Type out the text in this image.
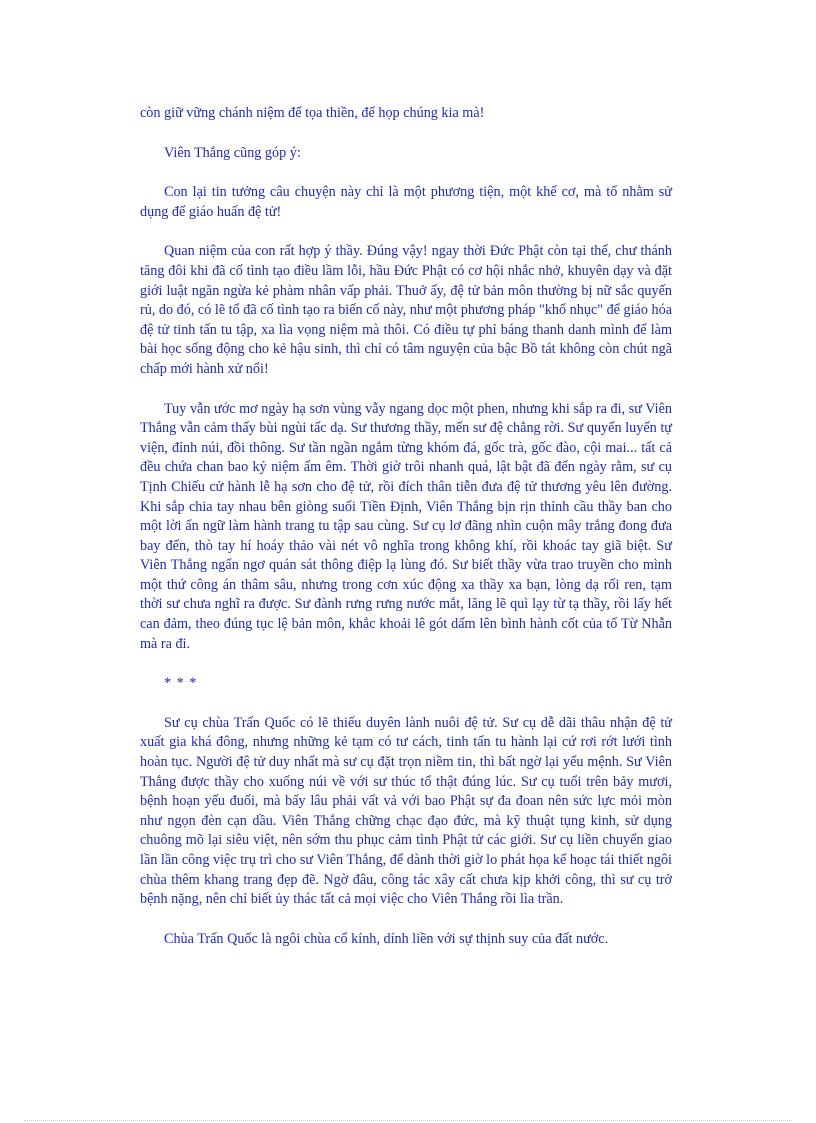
còn giữ vững chánh niệm để tọa thiền, để họp chúng kia mà!

Viên Thắng cũng góp ý:

Con lại tin tưởng câu chuyện này chỉ là một phương tiện, một khế cơ, mà tổ nhằm sử dụng để giáo huấn đệ tử!

Quan niệm của con rất hợp ý thầy. Đúng vậy! ngay thời Đức Phật còn tại thế, chư thánh tăng đôi khi đã cố tình tạo điều lầm lỗi, hầu Đức Phật có cơ hội nhắc nhở, khuyên dạy và đặt giới luật ngăn ngừa kẻ phàm nhân vấp phải. Thuở ấy, đệ tử bản môn thường bị nữ sắc quyến rủ, do đó, có lẽ tổ đã cố tình tạo ra biến cố này, như một phương pháp "khổ nhục" để giáo hóa đệ tử tinh tấn tu tập, xa lìa vọng niệm mà thôi. Có điều tự phỉ báng thanh danh mình để làm bài học sống động cho kẻ hậu sinh, thì chỉ có tâm nguyện của bậc Bồ tát không còn chút ngã chấp mới hành xử nổi!

Tuy vẫn ước mơ ngày hạ sơn vùng vẫy ngang dọc một phen, nhưng khi sắp ra đi, sư Viên Thắng vẫn cảm thấy bùi ngùi tấc dạ. Sư thương thầy, mến sư đệ chẳng rời. Sư quyến luyến tự viện, đỉnh núi, đồi thông. Sư tần ngần ngắm từng khóm đá, gốc trà, gốc đào, cội mai... tất cả đều chứa chan bao kỷ niệm ấm êm. Thời giờ trôi nhanh quá, lật bật đã đến ngày rằm, sư cụ Tịnh Chiếu cử hành lễ hạ sơn cho đệ tử, rồi đích thân tiễn đưa đệ tử thương yêu lên đường. Khi sắp chia tay nhau bên giòng suối Tiền Định, Viên Thắng bịn rịn thỉnh cầu thầy ban cho một lời ẩn ngữ làm hành trang tu tập sau cùng. Sư cụ lơ đãng nhìn cuộn mây trắng đong đưa bay đến, thò tay hí hoáy thảo vài nét vô nghĩa trong không khí, rồi khoác tay giã biệt. Sư Viên Thắng ngẩn ngơ quán sát thông điệp lạ lùng đó. Sư biết thầy vừa trao truyền cho mình một thứ công án thâm sâu, nhưng trong cơn xúc động xa thầy xa bạn, lòng dạ rối ren, tạm thời sư chưa nghĩ ra được. Sư đành rưng rưng nước mắt, lăng lẽ quì lạy từ tạ thầy, rồi lấy hết can đảm, theo đúng tục lệ bản môn, khắc khoải lê gót dấm lên bình hành cốt của tổ Từ Nhẫn mà ra đi.

* * *

Sư cụ chùa Trấn Quốc có lẽ thiếu duyên lành nuôi đệ tử. Sư cụ dễ dãi thâu nhận đệ tử xuất gia khá đông, nhưng những kẻ tạm có tư cách, tinh tấn tu hành lại cứ rơi rớt lưới tình hoàn tục. Người đệ tử duy nhất mà sư cụ đặt trọn niềm tin, thì bất ngờ lại yểu mệnh. Sư Viên Thắng được thầy cho xuống núi về với sư thúc tổ thật đúng lúc. Sư cụ tuổi trên bảy mươi, bệnh hoạn yếu đuối, mà bấy lâu phải vất vả với bao Phật sự đa đoan nên sức lực mỏi mòn như ngọn đèn cạn dầu. Viên Thắng chững chạc đạo đức, mà kỹ thuật tụng kinh, sử dụng chuông mõ lại siêu việt, nên sớm thu phục cảm tình Phật tử các giới. Sư cụ liền chuyển giao lần lần công việc trụ trì cho sư Viên Thắng, để dành thời giờ lo phát họa kế hoạc tái thiết ngôi chùa thêm khang trang đẹp đẽ. Ngờ đâu, công tác xây cất chưa kịp khởi công, thì sư cụ trở bệnh nặng, nên chỉ biết ủy thác tất cả mọi việc cho Viên Thắng rồi lìa trần.

Chùa Trấn Quốc là ngôi chùa cổ kính, dính liền với sự thịnh suy của đất nước.
